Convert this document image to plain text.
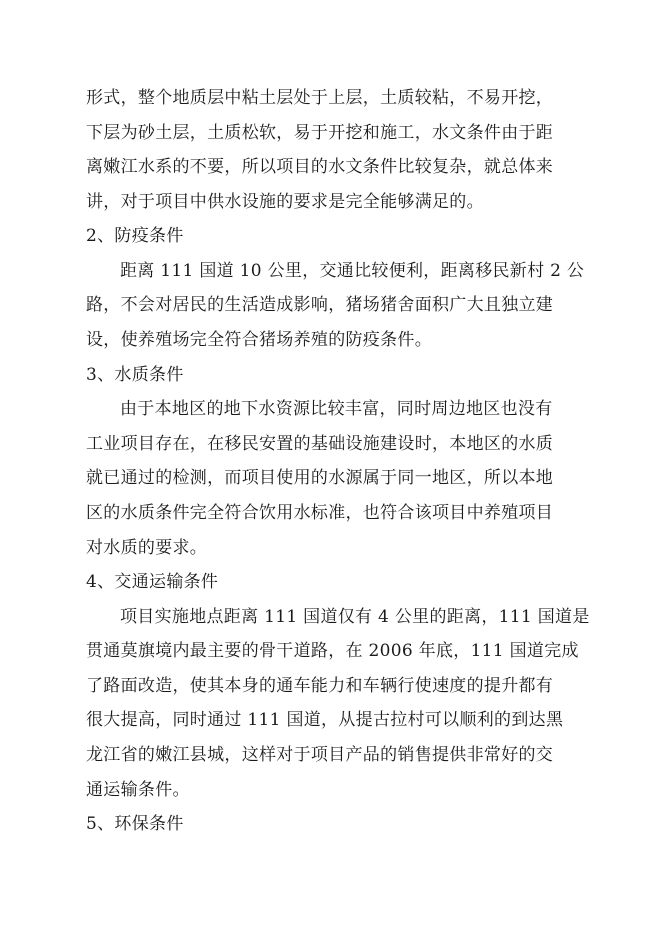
形式，整个地质层中粘土层处于上层，土质较粘，不易开挖，
下层为砂土层，土质松软，易于开挖和施工，水文条件由于距
离嫩江水系的不要，所以项目的水文条件比较复杂，就总体来
讲，对于项目中供水设施的要求是完全能够满足的。
2、防疫条件
距离 111 国道 10 公里，交通比较便利，距离移民新村 2 公
路，不会对居民的生活造成影响，猪场猪舍面积广大且独立建
设，使养殖场完全符合猪场养殖的防疫条件。
3、水质条件
由于本地区的地下水资源比较丰富，同时周边地区也没有
工业项目存在，在移民安置的基础设施建设时，本地区的水质
就已通过的检测，而项目使用的水源属于同一地区，所以本地
区的水质条件完全符合饮用水标准，也符合该项目中养殖项目
对水质的要求。
4、交通运输条件
项目实施地点距离 111 国道仅有 4 公里的距离，111 国道是
贯通莫旗境内最主要的骨干道路，在 2006 年底，111 国道完成
了路面改造，使其本身的通车能力和车辆行使速度的提升都有
很大提高，同时通过 111 国道，从提古拉村可以顺利的到达黑
龙江省的嫩江县城，这样对于项目产品的销售提供非常好的交
通运输条件。
5、环保条件
